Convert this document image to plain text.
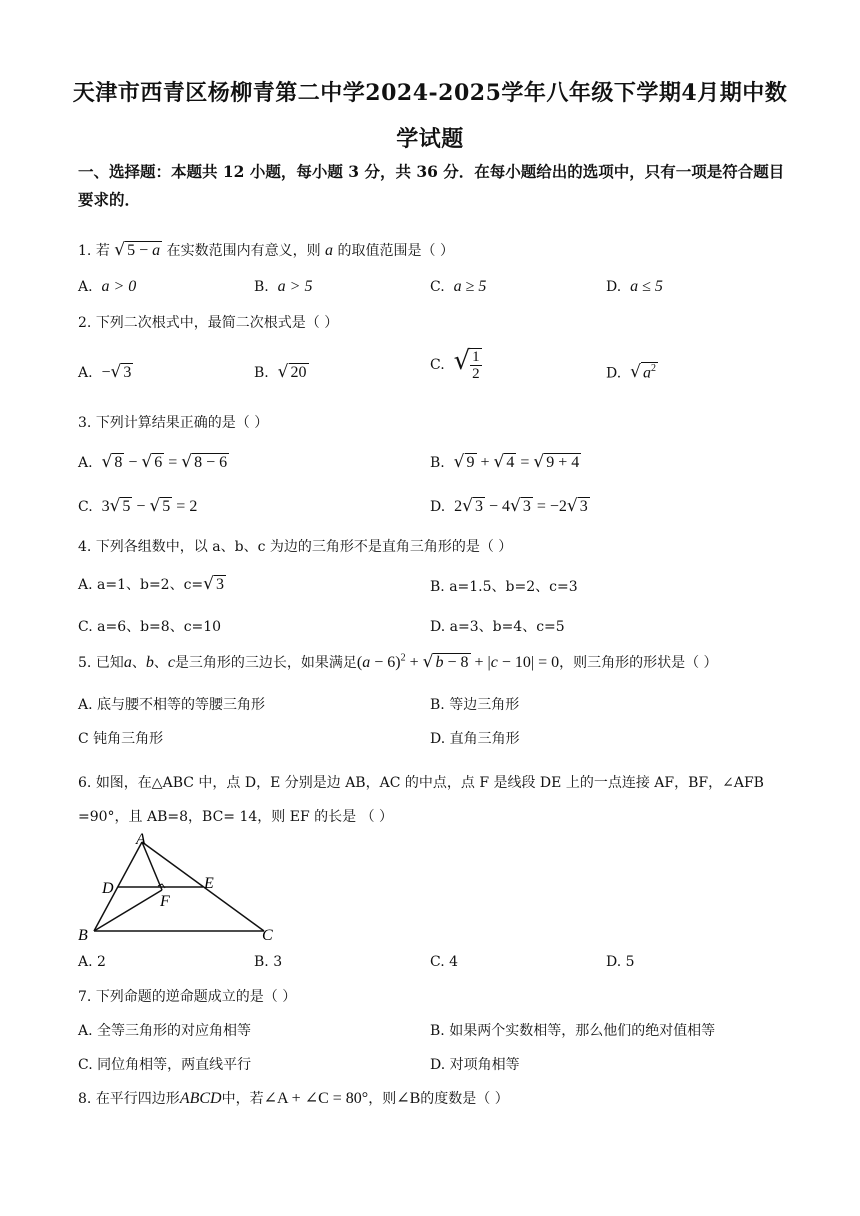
天津市西青区杨柳青第二中学2024-2025学年八年级下学期4月期中数
学试题
一、选择题：本题共 12 小题，每小题 3 分，共 36 分．在每小题给出的选项中，只有一项是符合题目要求的．
1. 若 √ 5 − a 在实数范围内有意义，则 a 的取值范围是（ ）
A. a > 0	B. a > 5	C. a ≥ 5	D. a ≤ 5
2. 下列二次根式中，最简二次根式是（ ）
A. −√ 3	B. √ 20	C. √ $\frac{1}{2}$	D. √ $a^2$
3. 下列计算结果正确的是（ ）
A. √ 8 − √ 6 = √ 8 − 6	B. √ 9 + √ 4 = √ 9 + 4
C. 3√ 5 − √ 5 = 2	D. 2√ 3 − 4√ 3 = −2√ 3
4. 下列各组数中，以 a、b、c 为边的三角形不是直角三角形的是（ ）
A. a=1、b=2、c=√ 3	B. a=1.5、b=2、c=3
C. a=6、b=8、c=10	D. a=3、b=4、c=5
5. 已知a、b、c是三角形的三边长，如果满足$(a - 6)^2$ + √ b − 8 + |c − 10| = 0，则三角形的形状是（ ）
A. 底与腰不相等的等腰三角形	B. 等边三角形
C 钝角三角形	D. 直角三角形
6. 如图，在△ABC 中，点 D，E 分别是边 AB，AC 的中点，点 F 是线段 DE 上的一点连接 AF，BF，∠AFB
=90°，且 AB=8，BC= 14，则 EF 的长是 （ ）
A
D	E
F
B	C
A. 2	B. 3	C. 4	D. 5
7. 下列命题的逆命题成立的是（ ）
A. 全等三角形的对应角相等	B. 如果两个实数相等，那么他们的绝对值相等
C. 同位角相等，两直线平行	D. 对项角相等
8. 在平行四边形ABCD中，若∠A + ∠C = 80°，则∠B的度数是（ ）
